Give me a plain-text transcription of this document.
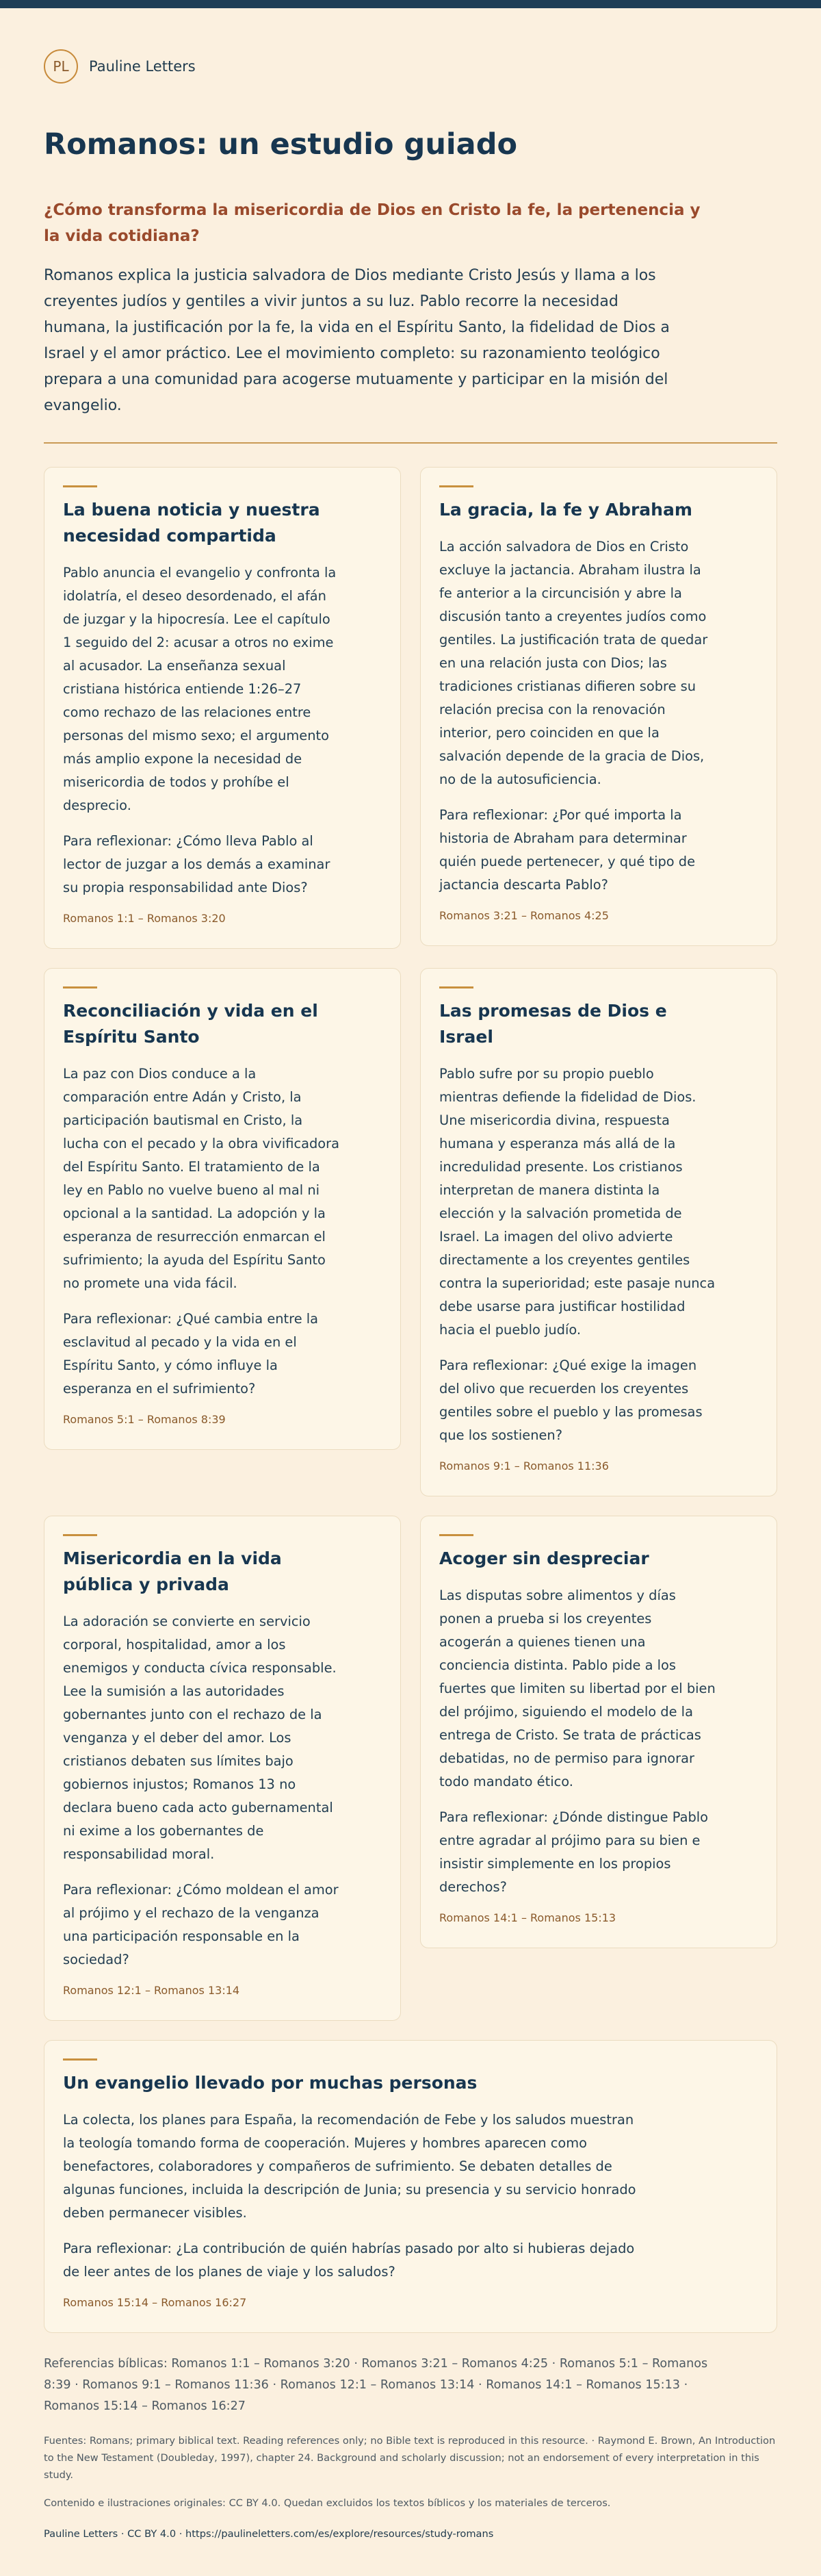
PL	Pauline Letters
Romanos: un estudio guiado

¿Cómo transforma la misericordia de Dios en Cristo la fe, la pertenencia y la vida cotidiana?

Romanos explica la justicia salvadora de Dios mediante Cristo Jesús y llama a los creyentes judíos y gentiles a vivir juntos a su luz. Pablo recorre la necesidad humana, la justificación por la fe, la vida en el Espíritu Santo, la fidelidad de Dios a Israel y el amor práctico. Lee el movimiento completo: su razonamiento teológico prepara a una comunidad para acogerse mutuamente y participar en la misión del evangelio.

La buena noticia y nuestra necesidad compartida

Pablo anuncia el evangelio y confronta la idolatría, el deseo desordenado, el afán de juzgar y la hipocresía. Lee el capítulo 1 seguido del 2: acusar a otros no exime al acusador. La enseñanza sexual cristiana histórica entiende 1:26–27 como rechazo de las relaciones entre personas del mismo sexo; el argumento más amplio expone la necesidad de misericordia de todos y prohíbe el desprecio.

Para reflexionar: ¿Cómo lleva Pablo al lector de juzgar a los demás a examinar su propia responsabilidad ante Dios?

Romanos 1:1 – Romanos 3:20

La gracia, la fe y Abraham

La acción salvadora de Dios en Cristo excluye la jactancia. Abraham ilustra la fe anterior a la circuncisión y abre la discusión tanto a creyentes judíos como gentiles. La justificación trata de quedar en una relación justa con Dios; las tradiciones cristianas difieren sobre su relación precisa con la renovación interior, pero coinciden en que la salvación depende de la gracia de Dios, no de la autosuficiencia.

Para reflexionar: ¿Por qué importa la historia de Abraham para determinar quién puede pertenecer, y qué tipo de jactancia descarta Pablo?

Romanos 3:21 – Romanos 4:25

Reconciliación y vida en el Espíritu Santo

La paz con Dios conduce a la comparación entre Adán y Cristo, la participación bautismal en Cristo, la lucha con el pecado y la obra vivificadora del Espíritu Santo. El tratamiento de la ley en Pablo no vuelve bueno al mal ni opcional a la santidad. La adopción y la esperanza de resurrección enmarcan el sufrimiento; la ayuda del Espíritu Santo no promete una vida fácil.

Para reflexionar: ¿Qué cambia entre la esclavitud al pecado y la vida en el Espíritu Santo, y cómo influye la esperanza en el sufrimiento?

Romanos 5:1 – Romanos 8:39

Las promesas de Dios e Israel

Pablo sufre por su propio pueblo mientras defiende la fidelidad de Dios. Une misericordia divina, respuesta humana y esperanza más allá de la incredulidad presente. Los cristianos interpretan de manera distinta la elección y la salvación prometida de Israel. La imagen del olivo advierte directamente a los creyentes gentiles contra la superioridad; este pasaje nunca debe usarse para justificar hostilidad hacia el pueblo judío.

Para reflexionar: ¿Qué exige la imagen del olivo que recuerden los creyentes gentiles sobre el pueblo y las promesas que los sostienen?

Romanos 9:1 – Romanos 11:36

Misericordia en la vida pública y privada

La adoración se convierte en servicio corporal, hospitalidad, amor a los enemigos y conducta cívica responsable. Lee la sumisión a las autoridades gobernantes junto con el rechazo de la venganza y el deber del amor. Los cristianos debaten sus límites bajo gobiernos injustos; Romanos 13 no declara bueno cada acto gubernamental ni exime a los gobernantes de responsabilidad moral.

Para reflexionar: ¿Cómo moldean el amor al prójimo y el rechazo de la venganza una participación responsable en la sociedad?

Romanos 12:1 – Romanos 13:14

Acoger sin despreciar

Las disputas sobre alimentos y días ponen a prueba si los creyentes acogerán a quienes tienen una conciencia distinta. Pablo pide a los fuertes que limiten su libertad por el bien del prójimo, siguiendo el modelo de la entrega de Cristo. Se trata de prácticas debatidas, no de permiso para ignorar todo mandato ético.

Para reflexionar: ¿Dónde distingue Pablo entre agradar al prójimo para su bien e insistir simplemente en los propios derechos?

Romanos 14:1 – Romanos 15:13

Un evangelio llevado por muchas personas

La colecta, los planes para España, la recomendación de Febe y los saludos muestran la teología tomando forma de cooperación. Mujeres y hombres aparecen como benefactores, colaboradores y compañeros de sufrimiento. Se debaten detalles de algunas funciones, incluida la descripción de Junia; su presencia y su servicio honrado deben permanecer visibles.

Para reflexionar: ¿La contribución de quién habrías pasado por alto si hubieras dejado de leer antes de los planes de viaje y los saludos?

Romanos 15:14 – Romanos 16:27

Referencias bíblicas: Romanos 1:1 – Romanos 3:20 · Romanos 3:21 – Romanos 4:25 · Romanos 5:1 – Romanos 8:39 · Romanos 9:1 – Romanos 11:36 · Romanos 12:1 – Romanos 13:14 · Romanos 14:1 – Romanos 15:13 · Romanos 15:14 – Romanos 16:27

Fuentes: Romans; primary biblical text. Reading references only; no Bible text is reproduced in this resource. · Raymond E. Brown, An Introduction to the New Testament (Doubleday, 1997), chapter 24. Background and scholarly discussion; not an endorsement of every interpretation in this study.

Contenido e ilustraciones originales: CC BY 4.0. Quedan excluidos los textos bíblicos y los materiales de terceros.

Pauline Letters · CC BY 4.0 · https://paulineletters.com/es/explore/resources/study-romans
